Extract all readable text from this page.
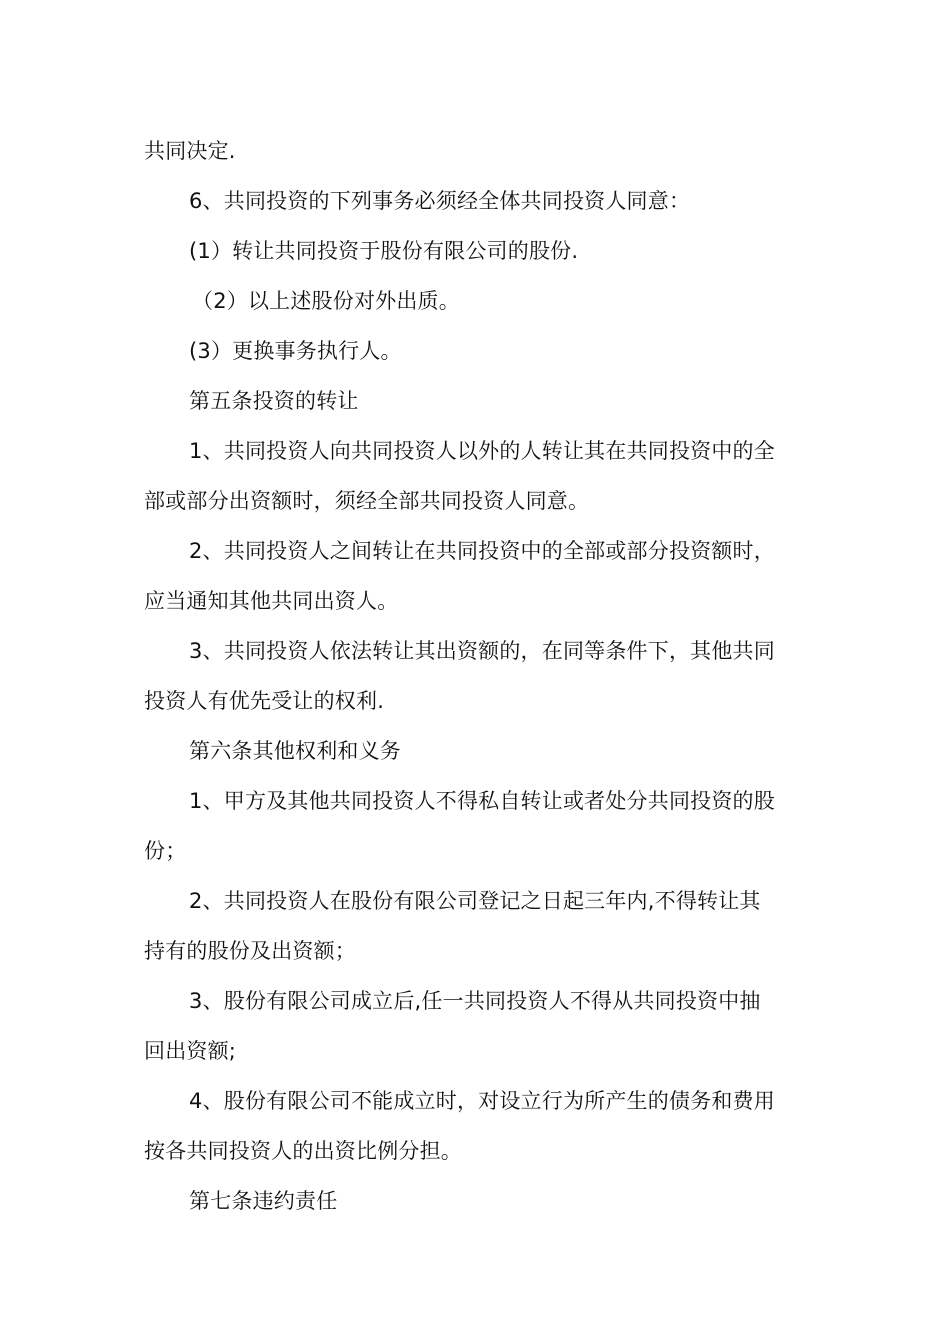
共同决定.
6、共同投资的下列事务必须经全体共同投资人同意：
(1）转让共同投资于股份有限公司的股份.
（2）以上述股份对外出质。
(3）更换事务执行人。
第五条投资的转让
1、共同投资人向共同投资人以外的人转让其在共同投资中的全
部或部分出资额时，须经全部共同投资人同意。
2、共同投资人之间转让在共同投资中的全部或部分投资额时，
应当通知其他共同出资人。
3、共同投资人依法转让其出资额的，在同等条件下，其他共同
投资人有优先受让的权利.
第六条其他权利和义务
1、甲方及其他共同投资人不得私自转让或者处分共同投资的股
份；
2、共同投资人在股份有限公司登记之日起三年内,不得转让其
持有的股份及出资额；
3、股份有限公司成立后,任一共同投资人不得从共同投资中抽
回出资额;
4、股份有限公司不能成立时，对设立行为所产生的债务和费用
按各共同投资人的出资比例分担。
第七条违约责任
